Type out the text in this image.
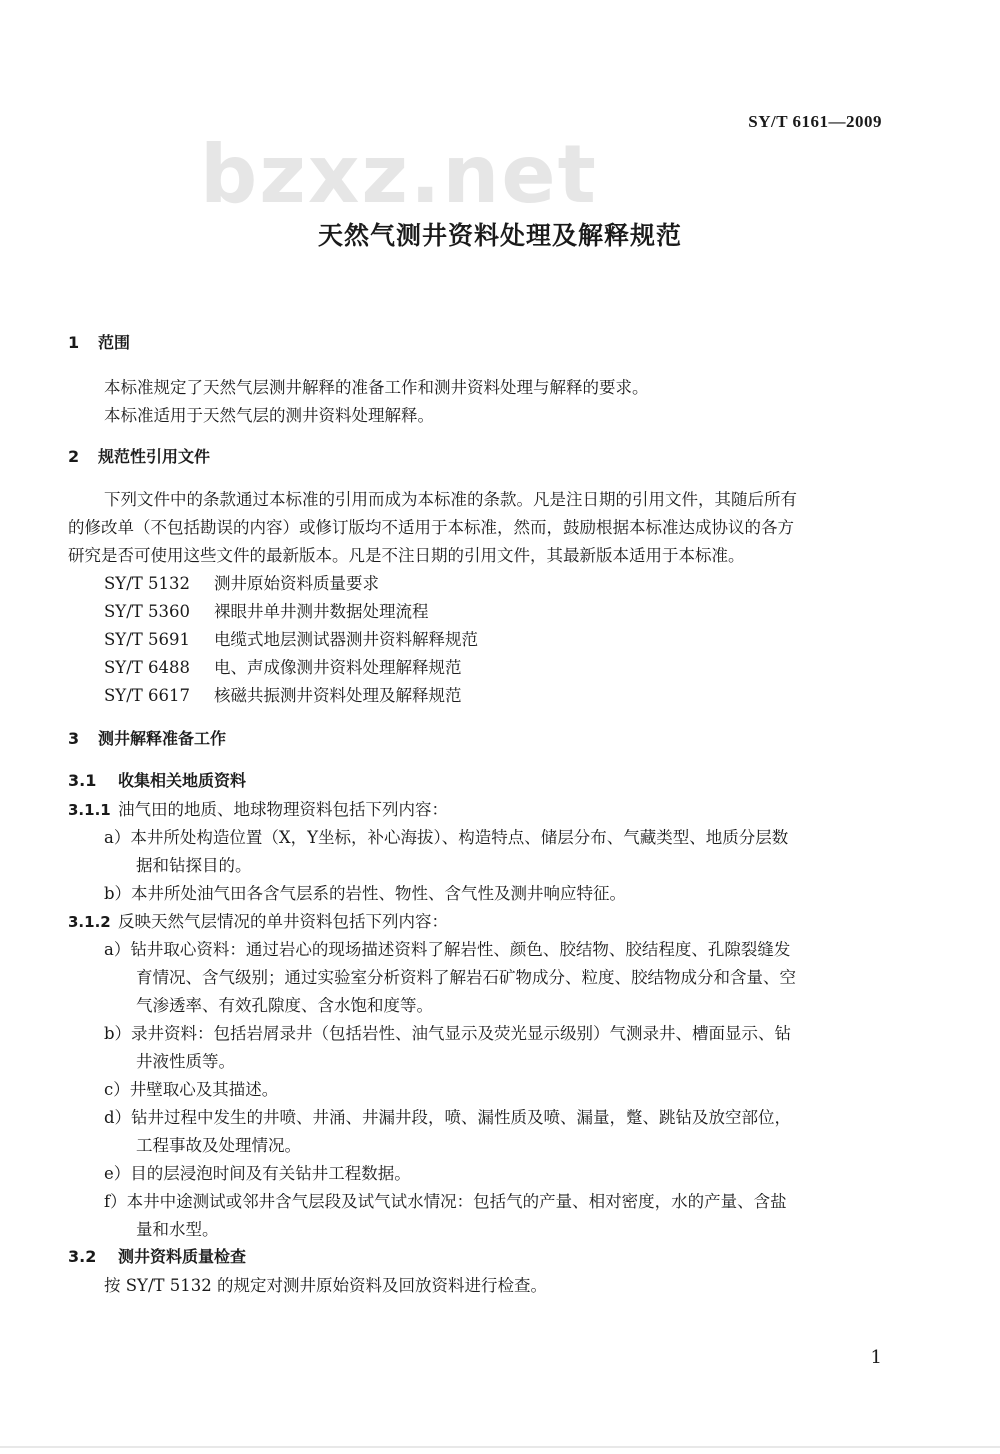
SY/T 6161—2009
bzxz.net
天然气测井资料处理及解释规范
1 范围
本标准规定了天然气层测井解释的准备工作和测井资料处理与解释的要求。
本标准适用于天然气层的测井资料处理解释。
2 规范性引用文件
下列文件中的条款通过本标准的引用而成为本标准的条款。凡是注日期的引用文件，其随后所有
的修改单（不包括勘误的内容）或修订版均不适用于本标准，然而，鼓励根据本标准达成协议的各方
研究是否可使用这些文件的最新版本。凡是不注日期的引用文件，其最新版本适用于本标准。
SY/T 5132 测井原始资料质量要求
SY/T 5360 裸眼井单井测井数据处理流程
SY/T 5691 电缆式地层测试器测井资料解释规范
SY/T 6488 电、声成像测井资料处理解释规范
SY/T 6617 核磁共振测井资料处理及解释规范
3 测井解释准备工作
3.1 收集相关地质资料
3.1.1 油气田的地质、地球物理资料包括下列内容：
a）本井所处构造位置（X，Y坐标，补心海拔）、构造特点、储层分布、气藏类型、地质分层数
据和钻探目的。
b）本井所处油气田各含气层系的岩性、物性、含气性及测井响应特征。
3.1.2 反映天然气层情况的单井资料包括下列内容：
a）钻井取心资料：通过岩心的现场描述资料了解岩性、颜色、胶结物、胶结程度、孔隙裂缝发
育情况、含气级别；通过实验室分析资料了解岩石矿物成分、粒度、胶结物成分和含量、空
气渗透率、有效孔隙度、含水饱和度等。
b）录井资料：包括岩屑录井（包括岩性、油气显示及荧光显示级别）气测录井、槽面显示、钻
井液性质等。
c）井壁取心及其描述。
d）钻井过程中发生的井喷、井涌、井漏井段，喷、漏性质及喷、漏量，蹩、跳钻及放空部位，
工程事故及处理情况。
e）目的层浸泡时间及有关钻井工程数据。
f）本井中途测试或邻井含气层段及试气试水情况：包括气的产量、相对密度，水的产量、含盐
量和水型。
3.2 测井资料质量检查
按 SY/T 5132 的规定对测井原始资料及回放资料进行检查。
1
